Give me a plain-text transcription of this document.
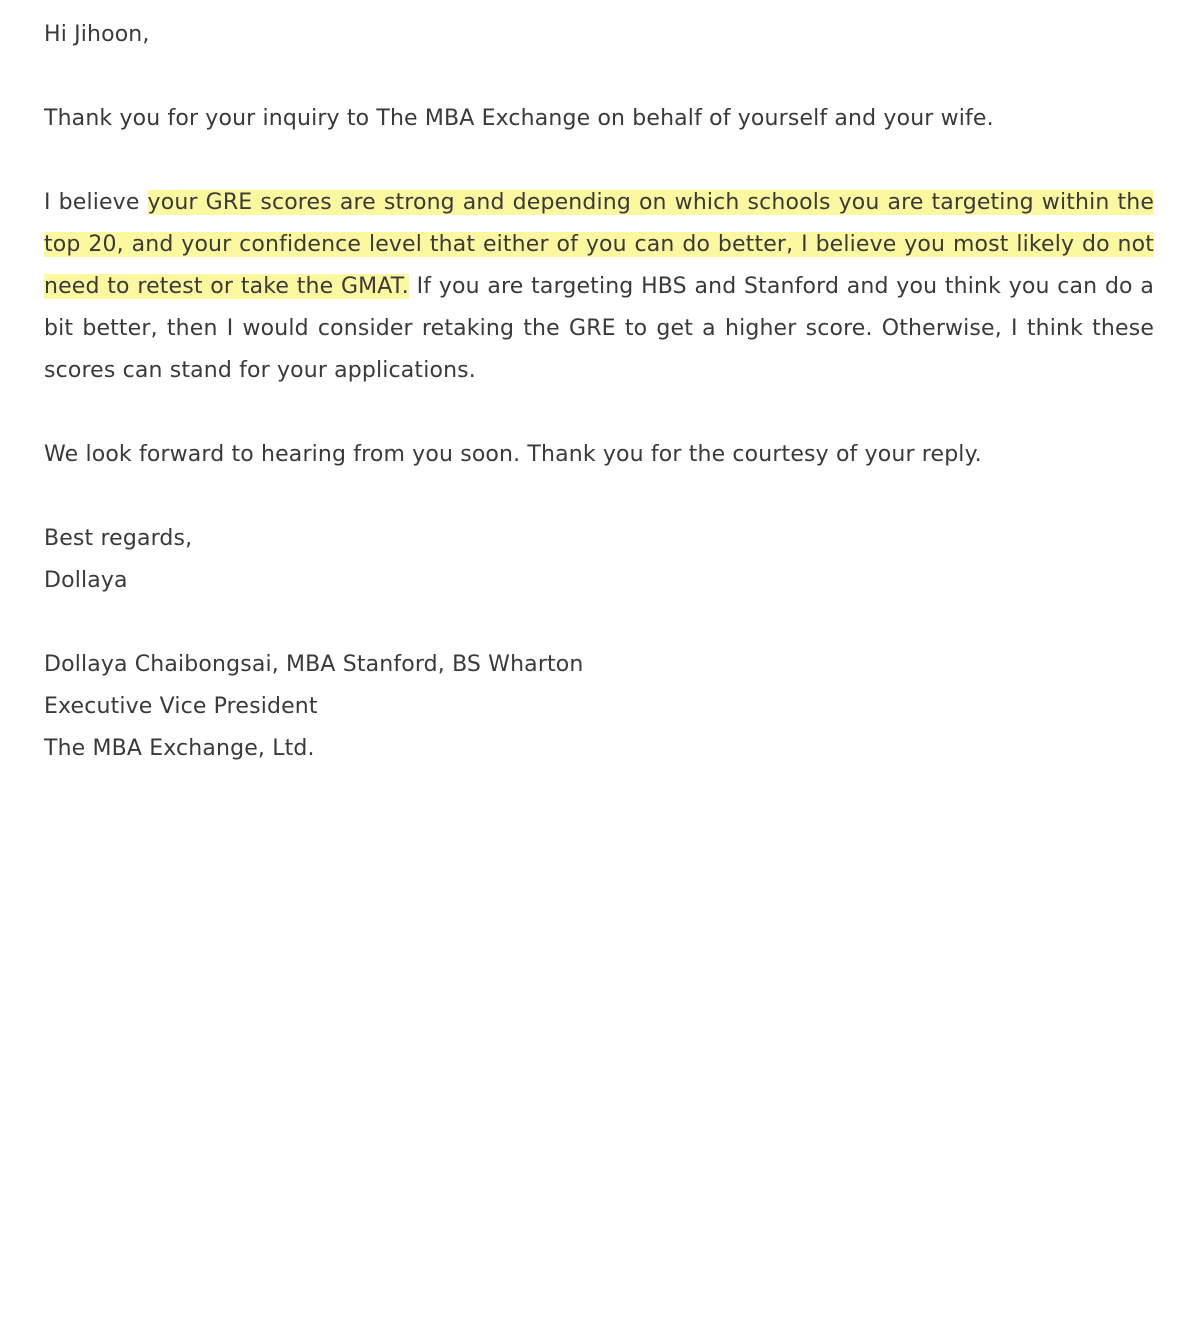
Hi Jihoon,

Thank you for your inquiry to The MBA Exchange on behalf of yourself and your wife.

I believe your GRE scores are strong and depending on which schools you are targeting within the top 20, and your confidence level that either of you can do better, I believe you most likely do not need to retest or take the GMAT. If you are targeting HBS and Stanford and you think you can do a bit better, then I would consider retaking the GRE to get a higher score. Otherwise, I think these scores can stand for your applications.

We look forward to hearing from you soon. Thank you for the courtesy of your reply.

Best regards,

Dollaya

Dollaya Chaibongsai, MBA Stanford, BS Wharton

Executive Vice President

The MBA Exchange, Ltd.
